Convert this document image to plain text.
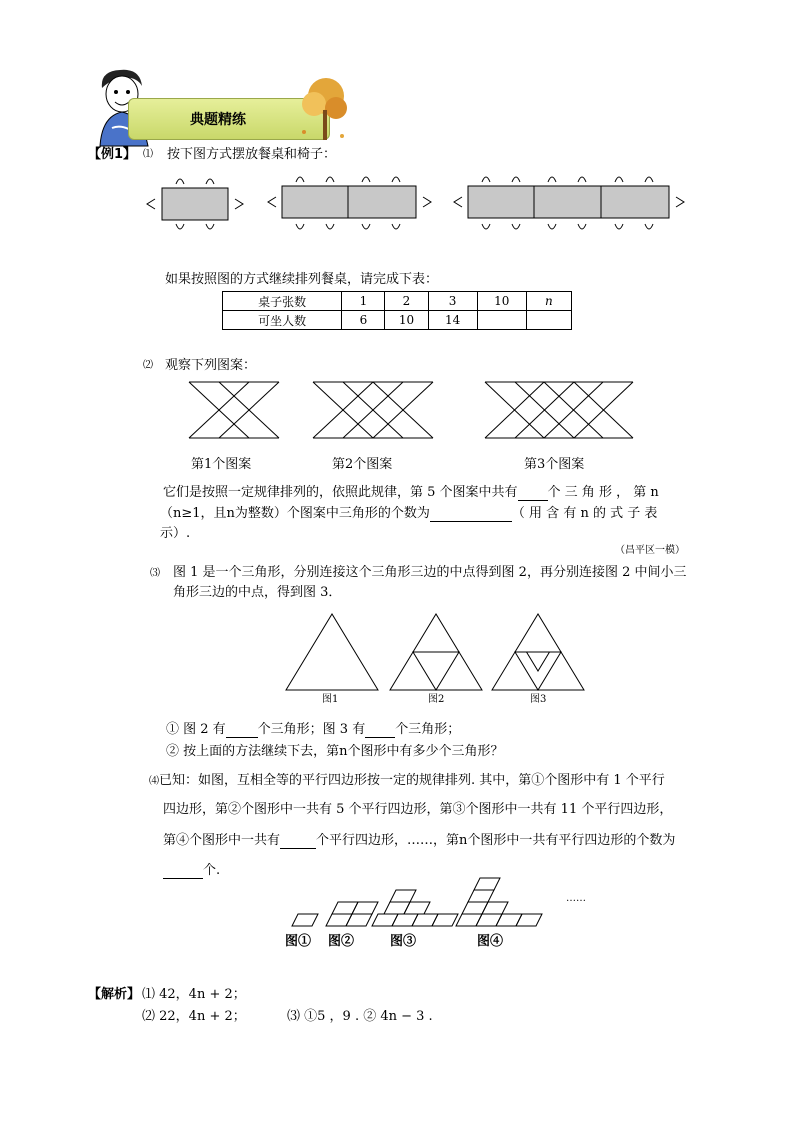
典题精练
【例1】 ⑴ 按下图方式摆放餐桌和椅子：
如果按照图的方式继续排列餐桌，请完成下表：
桌子张数	1	2	3	10	n
可坐人数	6	10	14		
⑵ 观察下列图案：
第1个图案	第2个图案	第3个图案
它们是按照一定规律排列的，依照此规律，第 5 个图案中共有 个 三 角 形 ， 第 n
（n≥1，且n为整数）个图案中三角形的个数为	（ 用 含 有 n 的 式 子 表
示）.
（昌平区一模）
⑶ 图 1 是一个三角形，分别连接这个三角形三边的中点得到图 2，再分别连接图 2 中间小三
角形三边的中点，得到图 3．
图1	图2	图3
① 图 2 有 个三角形；图 3 有 个三角形；
② 按上面的方法继续下去，第n个图形中有多少个三角形？
⑷已知：如图，互相全等的平行四边形按一定的规律排列. 其中，第①个图形中有 1 个平行
四边形，第②个图形中一共有 5 个平行四边形，第③个图形中一共有 11 个平行四边形，
第④个图形中一共有	个平行四边形，……，第n个图形中一共有平行四边形的个数为
个.
……
图① 图②	图③	图④
【解析】 ⑴ 42，4n + 2；
⑵ 22，4n + 2；	⑶ ①5 ，9 . ② 4n − 3 .
